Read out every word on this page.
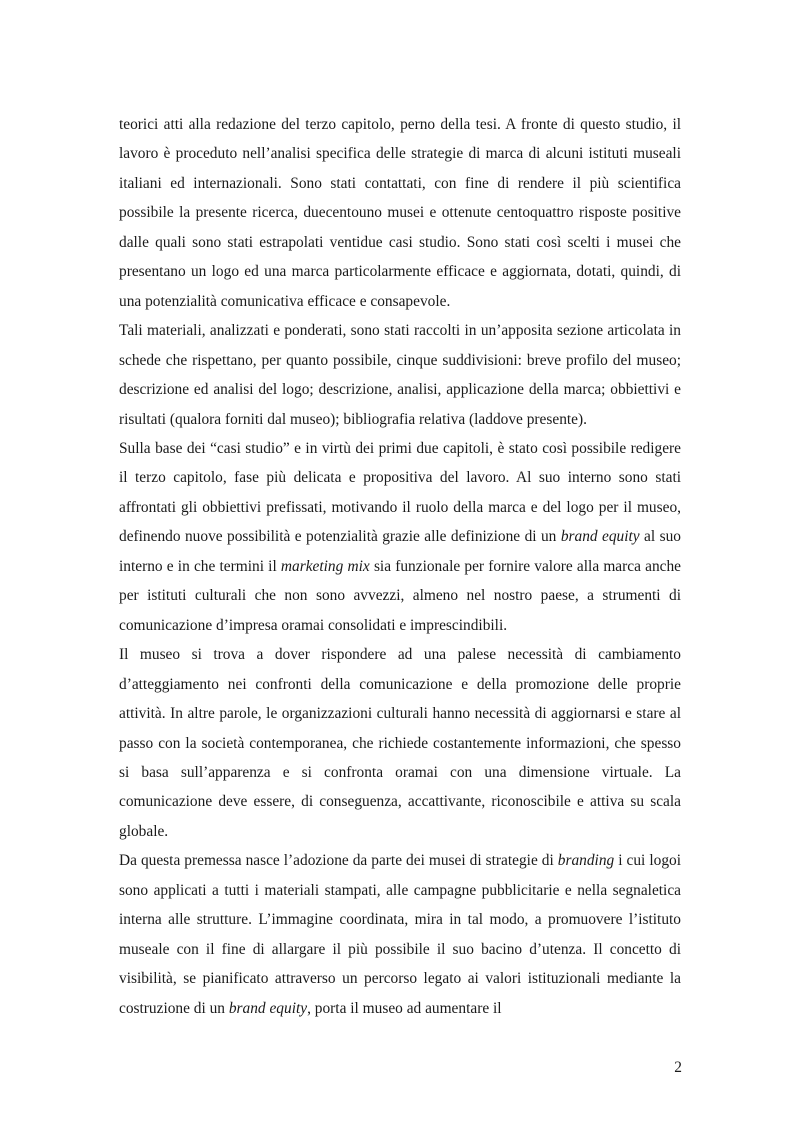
teorici atti alla redazione del terzo capitolo, perno della tesi. A fronte di questo studio, il lavoro è proceduto nell’analisi specifica delle strategie di marca di alcuni istituti museali italiani ed internazionali. Sono stati contattati, con fine di rendere il più scientifica possibile la presente ricerca, duecentouno musei e ottenute centoquattro risposte positive dalle quali sono stati estrapolati ventidue casi studio. Sono stati così scelti i musei che presentano un logo ed una marca particolarmente efficace e aggiornata, dotati, quindi, di una potenzialità comunicativa efficace e consapevole.

Tali materiali, analizzati e ponderati, sono stati raccolti in un’apposita sezione articolata in schede che rispettano, per quanto possibile, cinque suddivisioni: breve profilo del museo; descrizione ed analisi del logo; descrizione, analisi, applicazione della marca; obbiettivi e risultati (qualora forniti dal museo); bibliografia relativa (laddove presente).

Sulla base dei “casi studio” e in virtù dei primi due capitoli, è stato così possibile redigere il terzo capitolo, fase più delicata e propositiva del lavoro. Al suo interno sono stati affrontati gli obbiettivi prefissati, motivando il ruolo della marca e del logo per il museo, definendo nuove possibilità e potenzialità grazie alle definizione di un brand equity al suo interno e in che termini il marketing mix sia funzionale per fornire valore alla marca anche per istituti culturali che non sono avvezzi, almeno nel nostro paese, a strumenti di comunicazione d’impresa oramai consolidati e imprescindibili.

Il museo si trova a dover rispondere ad una palese necessità di cambiamento d’atteggiamento nei confronti della comunicazione e della promozione delle proprie attività. In altre parole, le organizzazioni culturali hanno necessità di aggiornarsi e stare al passo con la società contemporanea, che richiede costantemente informazioni, che spesso si basa sull’apparenza e si confronta oramai con una dimensione virtuale. La comunicazione deve essere, di conseguenza, accattivante, riconoscibile e attiva su scala globale.

Da questa premessa nasce l’adozione da parte dei musei di strategie di branding i cui logoi sono applicati a tutti i materiali stampati, alle campagne pubblicitarie e nella segnaletica interna alle strutture. L’immagine coordinata, mira in tal modo, a promuovere l’istituto museale con il fine di allargare il più possibile il suo bacino d’utenza. Il concetto di visibilità, se pianificato attraverso un percorso legato ai valori istituzionali mediante la costruzione di un brand equity, porta il museo ad aumentare il

2
